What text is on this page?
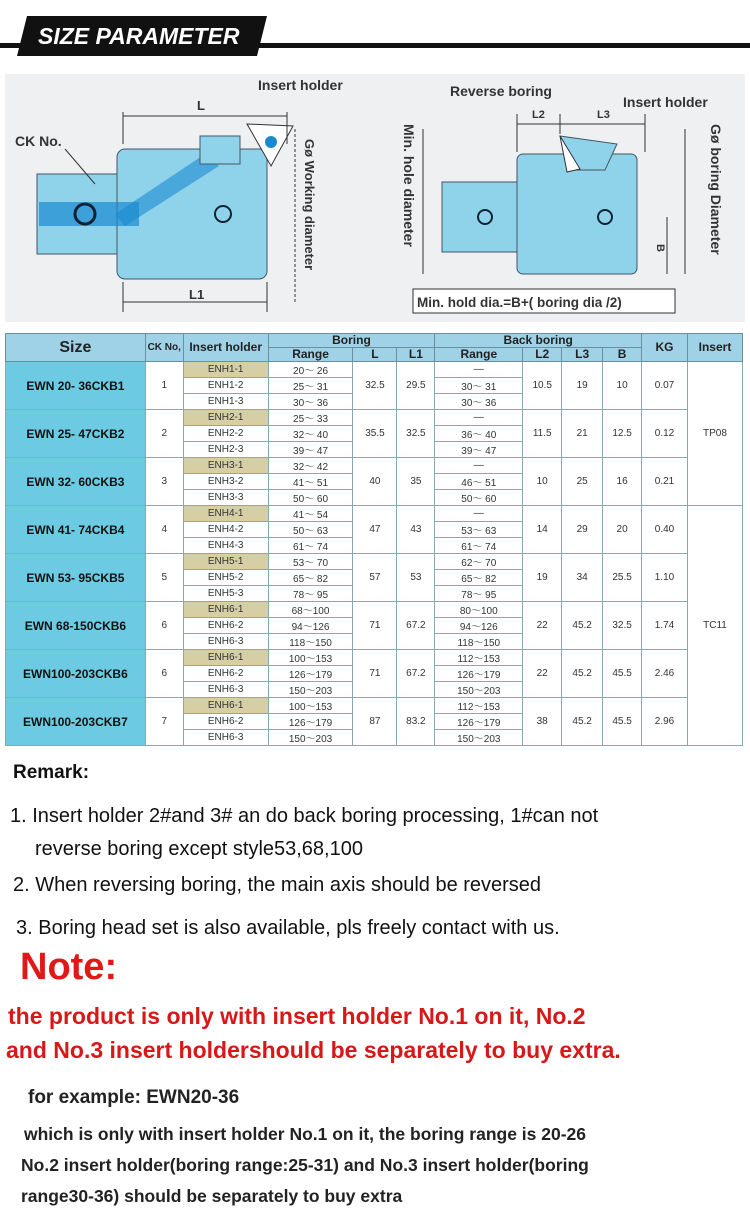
SIZE PARAMETER
CK No.
Insert holder
L
L1
Gø Working diameter
Reverse boring
Insert holder
L2	L3
B
Min. hole diameter	Gø boring Diameter
Min. hold dia.=B+( boring dia /2)
Size	CK No,	Insert holder	Boring			Back boring				KG	Insert
			Range	L	L1	Range	L2	L3	B		
EWN 20- 36CKB1	1	ENH1-1	20～ 26	32.5	29.5	—	10.5	19	10	0.07	TP08
		ENH1-2	25～ 31			30～ 31					
		ENH1-3	30～ 36			30～ 36					
EWN 25- 47CKB2	2	ENH2-1	25～ 33	35.5	32.5	—	11.5	21	12.5	0.12	
		ENH2-2	32～ 40			36～ 40					
		ENH2-3	39～ 47			39～ 47					
EWN 32- 60CKB3	3	ENH3-1	32～ 42	40	35	—	10	25	16	0.21	
		ENH3-2	41～ 51			46～ 51					
		ENH3-3	50～ 60			50～ 60					
EWN 41- 74CKB4	4	ENH4-1	41～ 54	47	43	—	14	29	20	0.40	TC11
		ENH4-2	50～ 63			53～ 63					
		ENH4-3	61～ 74			61～ 74					
EWN 53- 95CKB5	5	ENH5-1	53～ 70	57	53	62～ 70	19	34	25.5	1.10	
		ENH5-2	65～ 82			65～ 82					
		ENH5-3	78～ 95			78～ 95					
EWN 68-150CKB6	6	ENH6-1	68～100	71	67.2	80～100	22	45.2	32.5	1.74	
		ENH6-2	94～126			94～126					
		ENH6-3	118～150			118～150					
EWN100-203CKB6	6	ENH6-1	100～153	71	67.2	112～153	22	45.2	45.5	2.46	
		ENH6-2	126～179			126～179					
		ENH6-3	150～203			150～203					
EWN100-203CKB7	7	ENH6-1	100～153	87	83.2	112～153	38	45.2	45.5	2.96	
		ENH6-2	126～179			126～179					
		ENH6-3	150～203			150～203					
Remark:
1. Insert holder 2#and 3# an do back boring processing, 1#can not
reverse boring except style53,68,100
2. When reversing boring, the main axis should be reversed
3. Boring head set is also available, pls freely contact with us.
Note:
the product is only with insert holder No.1 on it, No.2
and No.3 insert holdershould be separately to buy extra.
for example: EWN20-36
which is only with insert holder No.1 on it, the boring range is 20-26
No.2 insert holder(boring range:25-31) and No.3 insert holder(boring
range30-36) should be separately to buy extra
